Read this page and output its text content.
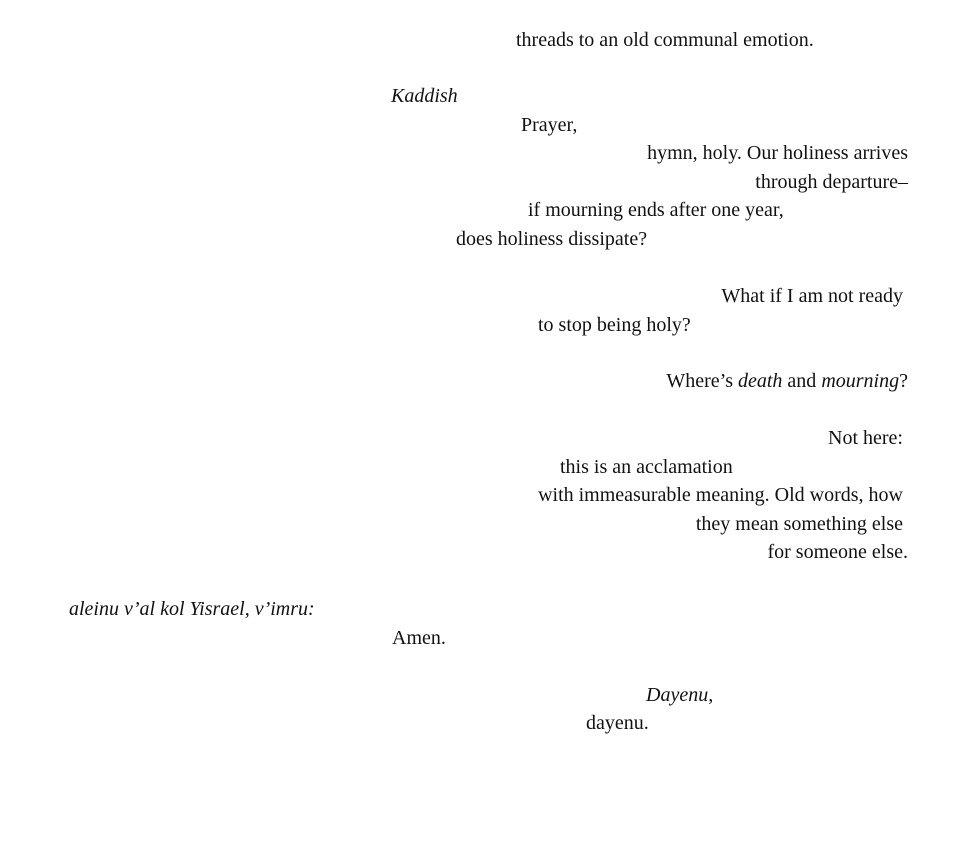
threads to an old communal emotion.
Kaddish
Prayer,
hymn, holy. Our holiness arrives
through departure–
if mourning ends after one year,
does holiness dissipate?
What if I am not ready
to stop being holy?
Where’s death and mourning?
Not here:
this is an acclamation
with immeasurable meaning. Old words, how
they mean something else
for someone else.
aleinu v’al kol Yisrael, v’imru:
Amen.
Dayenu,
dayenu.
